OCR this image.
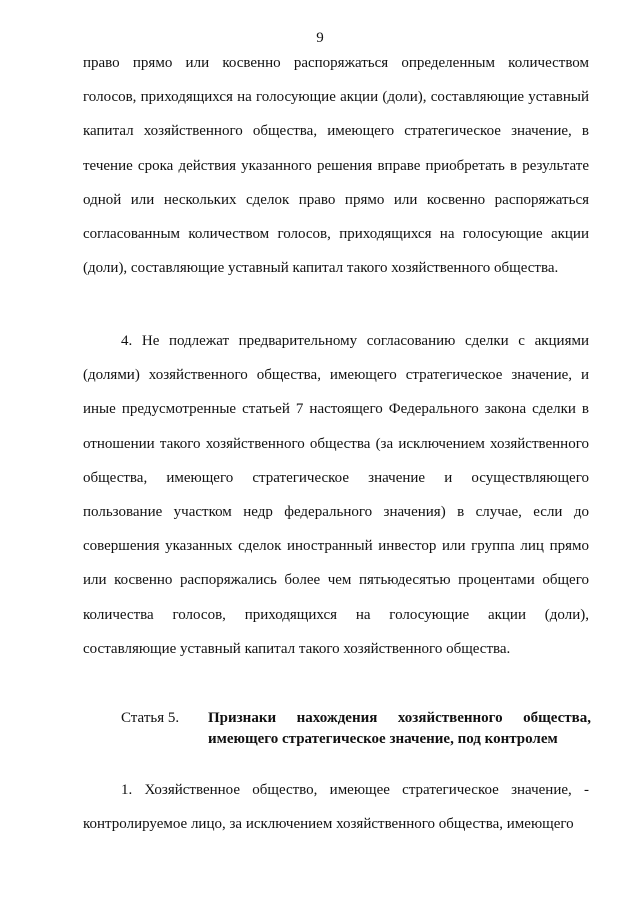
9

право прямо или косвенно распоряжаться определенным количеством голосов, приходящихся на голосующие акции (доли), составляющие уставный капитал хозяйственного общества, имеющего стратегическое значение, в течение срока действия указанного решения вправе приобретать в результате одной или нескольких сделок право прямо или косвенно распоряжаться согласованным количеством голосов, приходящихся на голосующие акции (доли), составляющие уставный капитал такого хозяйственного общества.

4. Не подлежат предварительному согласованию сделки с акциями (долями) хозяйственного общества, имеющего стратегическое значение, и иные предусмотренные статьей 7 настоящего Федерального закона сделки в отношении такого хозяйственного общества (за исключением хозяйственного общества, имеющего стратегическое значение и осуществляющего пользование участком недр федерального значения) в случае, если до совершения указанных сделок иностранный инвестор или группа лиц прямо или косвенно распоряжались более чем пятьюдесятью процентами общего количества голосов, приходящихся на голосующие акции (доли), составляющие уставный капитал такого хозяйственного общества.

Статья 5. Признаки нахождения хозяйственного общества, имеющего стратегическое значение, под контролем

1. Хозяйственное общество, имеющее стратегическое значение, - контролируемое лицо, за исключением хозяйственного общества, имеющего
